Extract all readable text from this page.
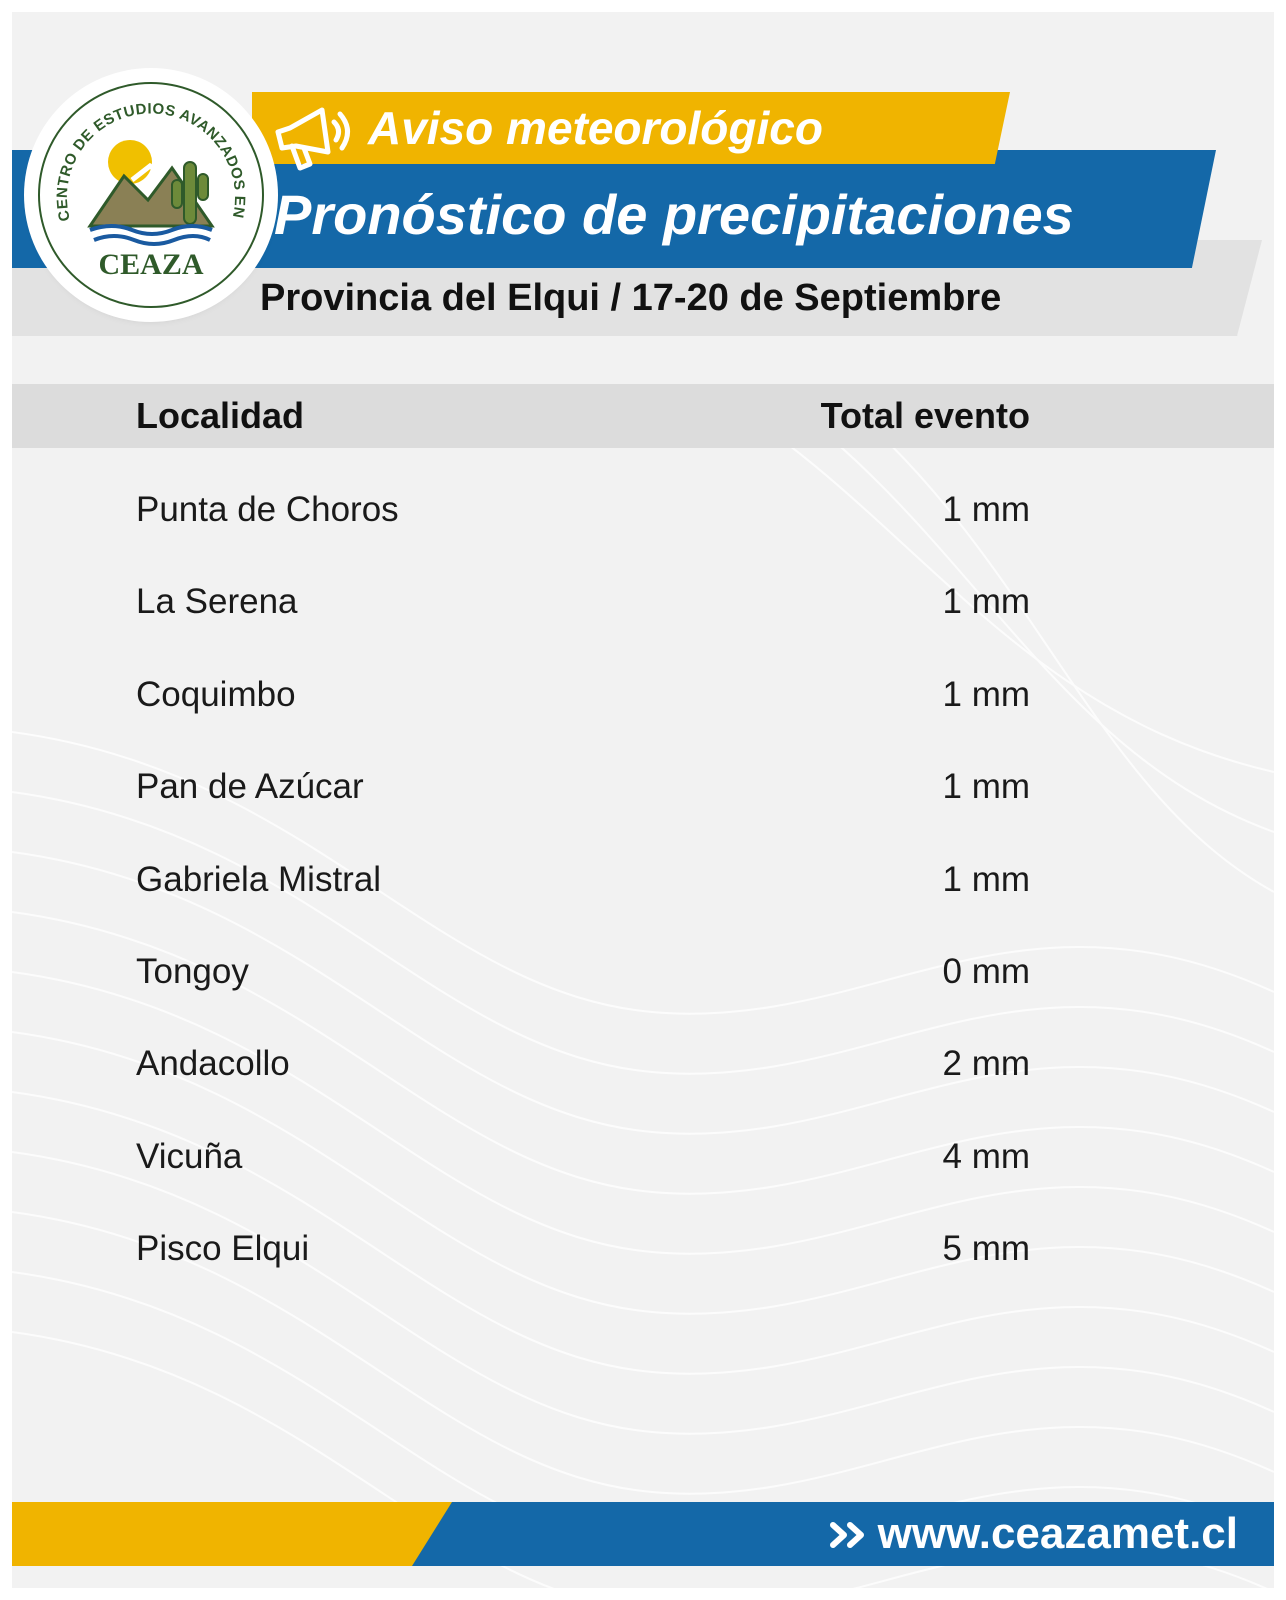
Aviso meteorológico
Pronóstico de precipitaciones
Provincia del Elqui / 17-20 de Septiembre
CENTRO DE ESTUDIOS AVANZADOS EN
CEAZA
Localidad	Total evento
Punta de Choros	1 mm
La Serena	1 mm
Coquimbo	1 mm
Pan de Azúcar	1 mm
Gabriela Mistral	1 mm
Tongoy	0 mm
Andacollo	2 mm
Vicuña	4 mm
Pisco Elqui	5 mm
www.ceazamet.cl
